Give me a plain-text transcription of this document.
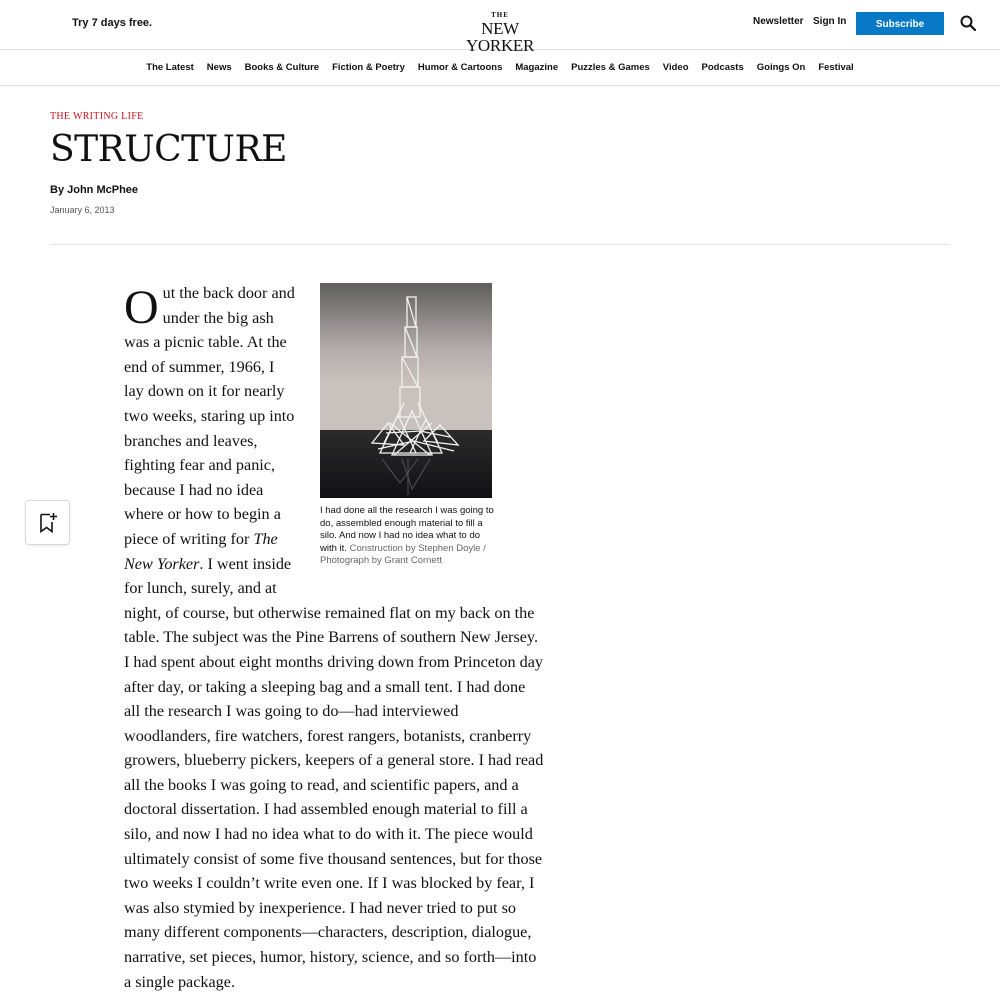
Try 7 days free.
THE
NEW YORKER
Newsletter Sign In	Subscribe
The Latest News Books & Culture Fiction & Poetry Humor & Cartoons Magazine Puzzles & Games Video Podcasts Goings On Festival
THE WRITING LIFE
STRUCTURE
By John McPhee
January 6, 2013
I had done all the research I was going to do, assembled enough material to fill a silo. And now I had no idea what to do with it. Construction by Stephen Doyle / Photograph by Grant Cornett

Out the back door and under the big ash was a picnic table. At the end of summer, 1966, I lay down on it for nearly two weeks, staring up into branches and leaves, fighting fear and panic, because I had no idea where or how to begin a piece of writing for The New Yorker. I went inside for lunch, surely, and at night, of course, but otherwise remained flat on my back on the table. The subject was the Pine Barrens of southern New Jersey. I had spent about eight months driving down from Princeton day after day, or taking a sleeping bag and a small tent. I had done all the research I was going to do—had interviewed woodlanders, fire watchers, forest rangers, botanists, cranberry growers, blueberry pickers, keepers of a general store. I had read all the books I was going to read, and scientific papers, and a doctoral dissertation. I had assembled enough material to fill a silo, and now I had no idea what to do with it. The piece would ultimately consist of some five thousand sentences, but for those two weeks I couldn’t write even one. If I was blocked by fear, I was also stymied by inexperience. I had never tried to put so many different components—characters, description, dialogue, narrative, set pieces, humor, history, science, and so forth—into a single package.
